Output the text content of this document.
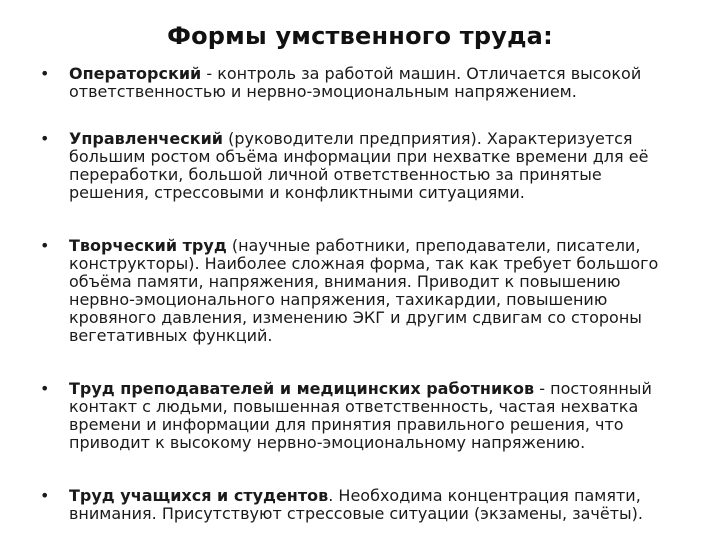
Формы умственного труда:
• Операторский - контроль за работой машин. Отличается высокой ответственностью и нервно-эмоциональным напряжением.
• Управленческий (руководители предприятия). Характеризуется большим ростом объёма информации при нехватке времени для её переработки, большой личной ответственностью за принятые решения, стрессовыми и конфликтными ситуациями.
• Творческий труд (научные работники, преподаватели, писатели, конструкторы). Наиболее сложная форма, так как требует большого объёма памяти, напряжения, внимания. Приводит к повышению нервно-эмоционального напряжения, тахикардии, повышению кровяного давления, изменению ЭКГ и другим сдвигам со стороны вегетативных функций.
• Труд преподавателей и медицинских работников - постоянный контакт с людьми, повышенная ответственность, частая нехватка времени и информации для принятия правильного решения, что приводит к высокому нервно-эмоциональному напряжению.
• Труд учащихся и студентов. Необходима концентрация памяти, внимания. Присутствуют стрессовые ситуации (экзамены, зачёты).
